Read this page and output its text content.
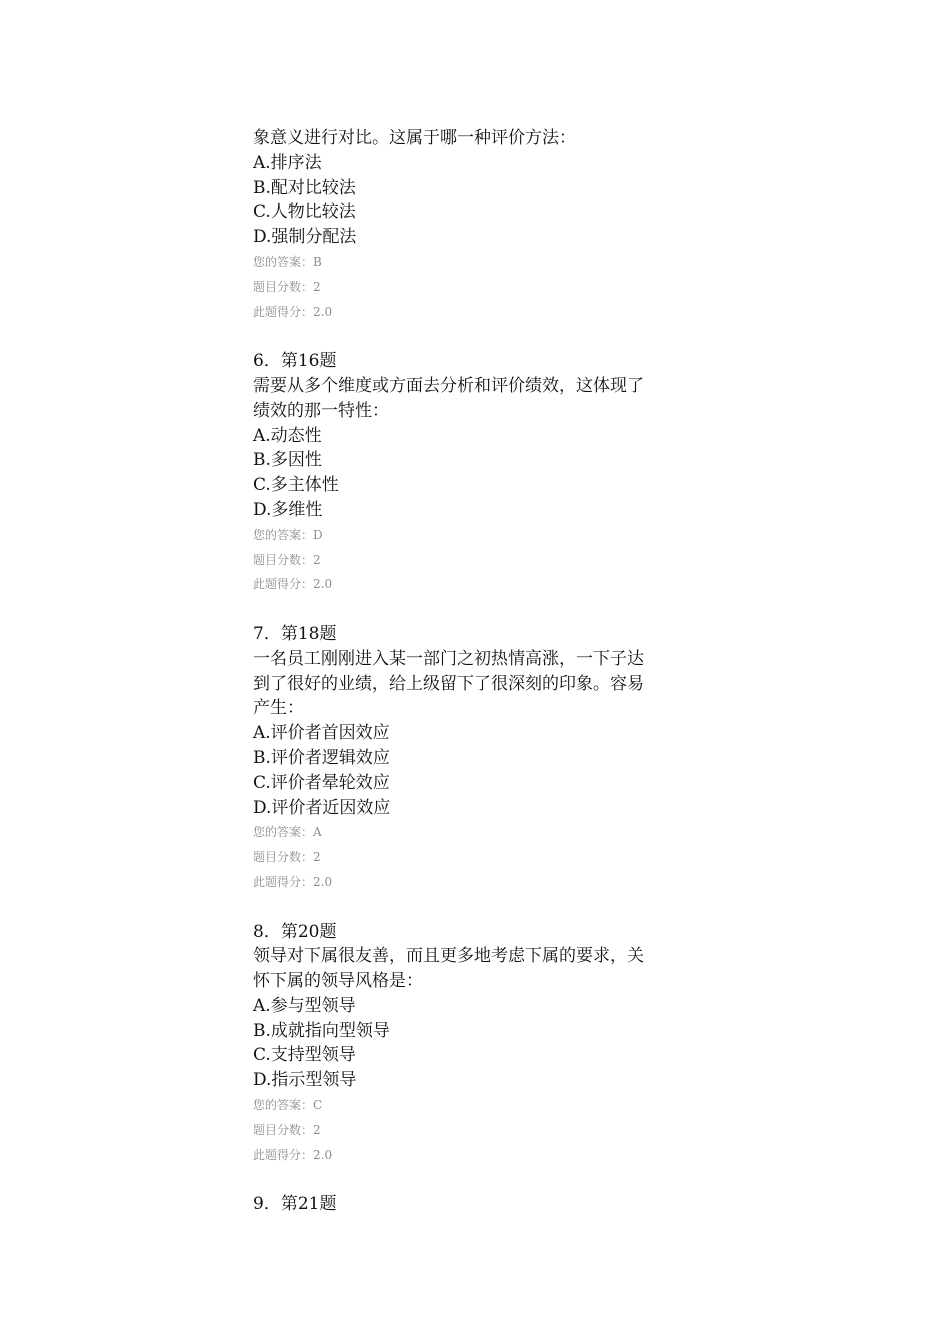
象意义进行对比。这属于哪一种评价方法：
A.排序法
B.配对比较法
C.人物比较法
D.强制分配法
您的答案：B
题目分数：2
此题得分：2.0
6．第16题
需要从多个维度或方面去分析和评价绩效，这体现了
绩效的那一特性：
A.动态性
B.多因性
C.多主体性
D.多维性
您的答案：D
题目分数：2
此题得分：2.0
7．第18题
一名员工刚刚进入某一部门之初热情高涨，一下子达
到了很好的业绩，给上级留下了很深刻的印象。容易
产生：
A.评价者首因效应
B.评价者逻辑效应
C.评价者晕轮效应
D.评价者近因效应
您的答案：A
题目分数：2
此题得分：2.0
8．第20题
领导对下属很友善，而且更多地考虑下属的要求，关
怀下属的领导风格是：
A.参与型领导
B.成就指向型领导
C.支持型领导
D.指示型领导
您的答案：C
题目分数：2
此题得分：2.0
9．第21题
